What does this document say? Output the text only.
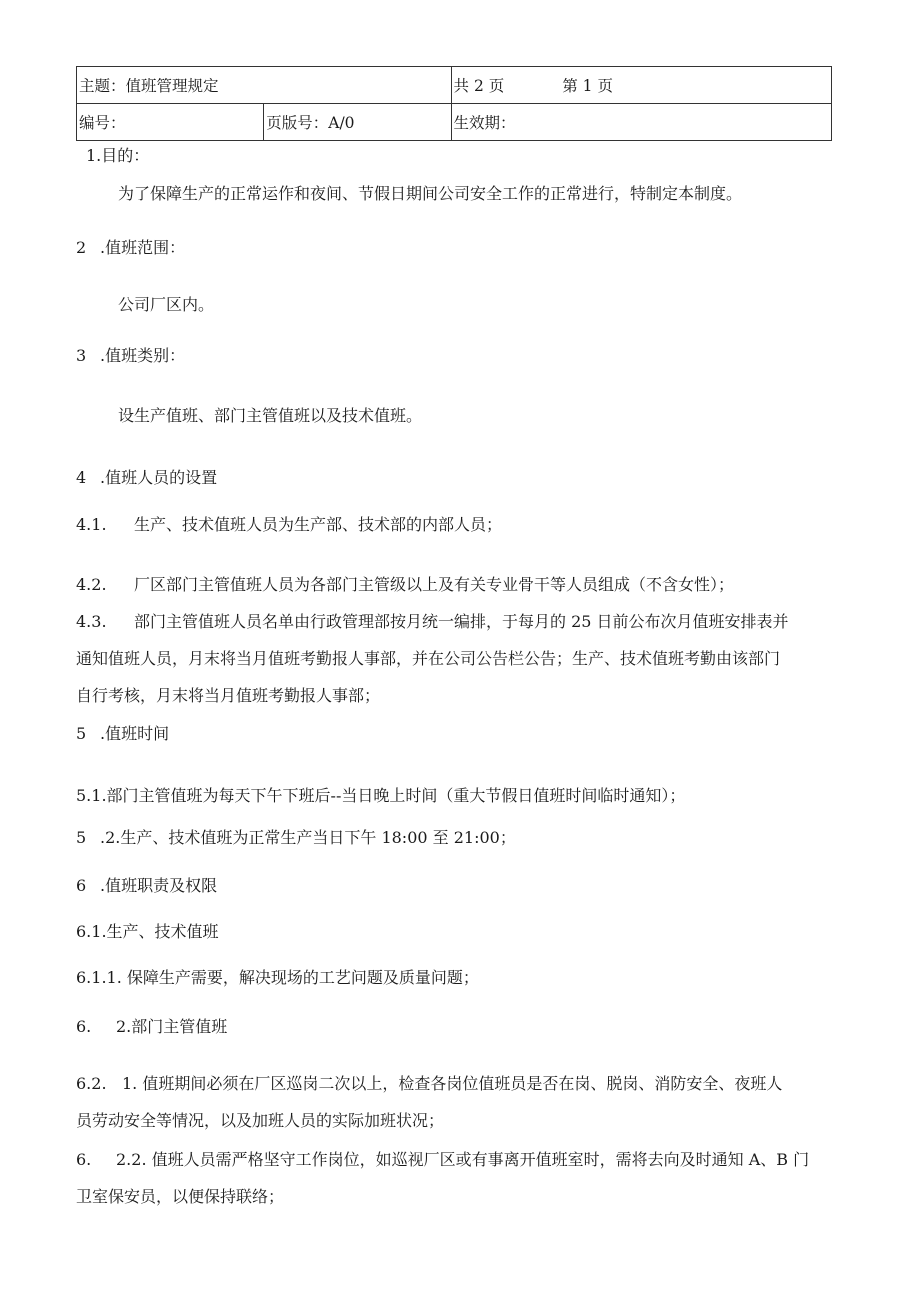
主题：值班管理规定		共 2 页 第 1 页
编号：	页版号：A/0	生效期：
1.目的：
为了保障生产的正常运作和夜间、节假日期间公司安全工作的正常进行，特制定本制度。
2 .值班范围：
公司厂区内。
3 .值班类别：
设生产值班、部门主管值班以及技术值班。
4 .值班人员的设置
4.1. 生产、技术值班人员为生产部、技术部的内部人员；
4.2. 厂区部门主管值班人员为各部门主管级以上及有关专业骨干等人员组成（不含女性）；
4.3. 部门主管值班人员名单由行政管理部按月统一编排，于每月的 25 日前公布次月值班安排表并
通知值班人员，月末将当月值班考勤报人事部，并在公司公告栏公告；生产、技术值班考勤由该部门
自行考核，月末将当月值班考勤报人事部；
5 .值班时间
5.1.部门主管值班为每天下午下班后--当日晚上时间（重大节假日值班时间临时通知）；
5 .2.生产、技术值班为正常生产当日下午 18:00 至 21:00；
6 .值班职责及权限
6.1.生产、技术值班
6.1.1. 保障生产需要，解决现场的工艺问题及质量问题；
6. 2.部门主管值班
6.2. 1. 值班期间必须在厂区巡岗二次以上，检查各岗位值班员是否在岗、脱岗、消防安全、夜班人
员劳动安全等情况，以及加班人员的实际加班状况；
6. 2.2. 值班人员需严格坚守工作岗位，如巡视厂区或有事离开值班室时，需将去向及时通知 A、B 门
卫室保安员，以便保持联络；
